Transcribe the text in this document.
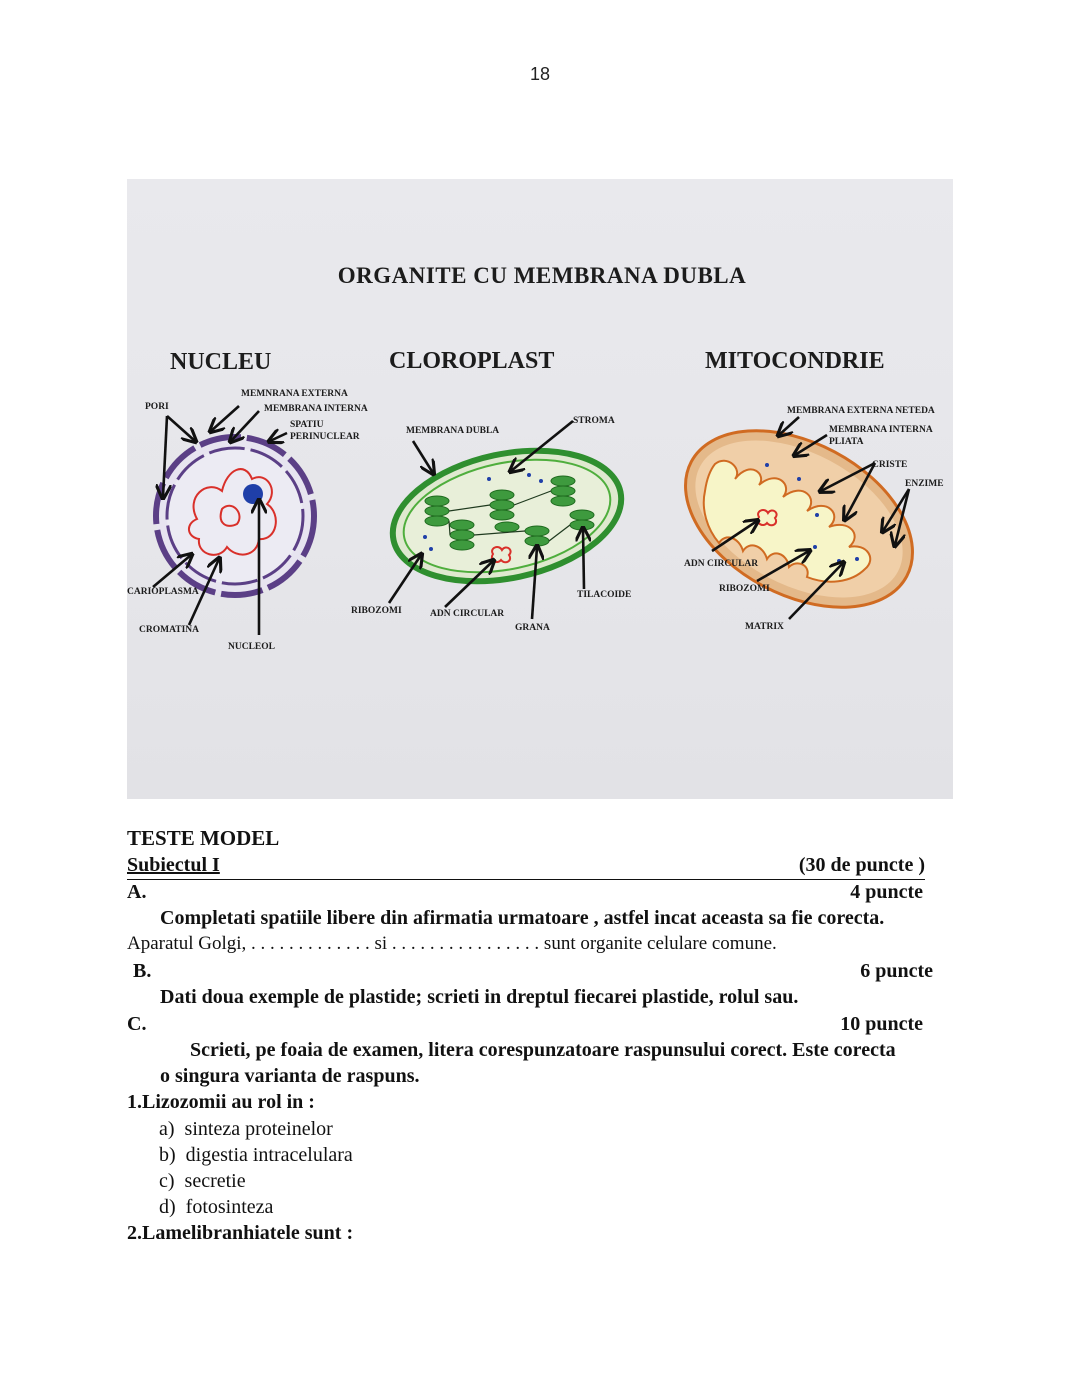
18
ORGANITE CU MEMBRANA DUBLA
NUCLEU	CLOROPLAST	MITOCONDRIE
PORI
MEMNRANA EXTERNA
MEMBRANA INTERNA
SPATIU
PERINUCLEAR
CARIOPLASMA
CROMATINA
NUCLEOL
MEMBRANA DUBLA
STROMA
RIBOZOMI	ADN CIRCULAR
GRANA
TILACOIDE
MEMBRANA EXTERNA NETEDA
MEMBRANA INTERNA
PLIATA
CRISTE
ENZIME
ADN CIRCULAR
RIBOZOMI
MATRIX
TESTE MODEL
Subiectul I	(30 de puncte )
A.	4 puncte
Completati spatiile libere din afirmatia urmatoare , astfel incat aceasta sa fie corecta.
Aparatul Golgi, . . . . . . . . . . . . . si . . . . . . . . . . . . . . . . sunt organite celulare comune.
B.	6 puncte
Dati doua exemple de plastide; scrieti in dreptul fiecarei plastide, rolul sau.
C.	10 puncte
Scrieti, pe foaia de examen, litera corespunzatoare raspunsului corect. Este corecta
o singura varianta de raspuns.
1.Lizozomii au rol in :
a) sinteza proteinelor
b) digestia intracelulara
c) secretie
d) fotosinteza
2.Lamelibranhiatele sunt :
